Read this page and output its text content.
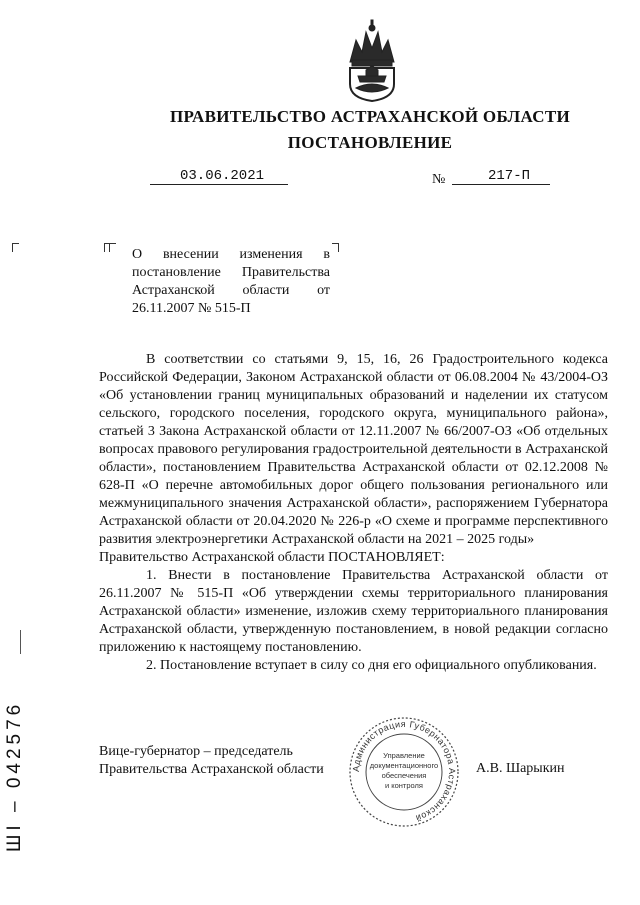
ПРАВИТЕЛЬСТВО АСТРАХАНСКОЙ ОБЛАСТИ
ПОСТАНОВЛЕНИЕ
03.06.2021	№	217-П
О внесении изменения в постановление Правительства Астраханской области от 26.11.2007 № 515-П

В соответствии со статьями 9, 15, 16, 26 Градостроительного кодекса Российской Федерации, Законом Астраханской области от 06.08.2004 № 43/2004-ОЗ «Об установлении границ муниципальных образований и наделении их статусом сельского, городского поселения, городского округа, муниципального района», статьей 3 Закона Астраханской области от 12.11.2007 № 66/2007-ОЗ «Об отдельных вопросах правового регулирования градостроительной деятельности в Астраханской области», постановлением Правительства Астраханской области от 02.12.2008 № 628-П «О перечне автомобильных дорог общего пользования регионального или межмуниципального значения Астраханской области», распоряжением Губернатора Астраханской области от 20.04.2020 № 226-р «О схеме и программе перспективного развития электроэнергетики Астраханской области на 2021 – 2025 годы»

Правительство Астраханской области ПОСТАНОВЛЯЕТ:

1. Внести в постановление Правительства Астраханской области от 26.11.2007 № 515-П «Об утверждении схемы территориального планирования Астраханской области» изменение, изложив схему территориального планирования Астраханской области, утвержденную постановлением, в новой редакции согласно приложению к настоящему постановлению.

2. Постановление вступает в силу со дня его официального опубликования.

Вице-губернатор – председатель
Правительства Астраханской области	Администрация Губернатора Астраханской
Управление
документационного
обеспечения
и контроля
А.В. Шарыкин
ШI – 042576
